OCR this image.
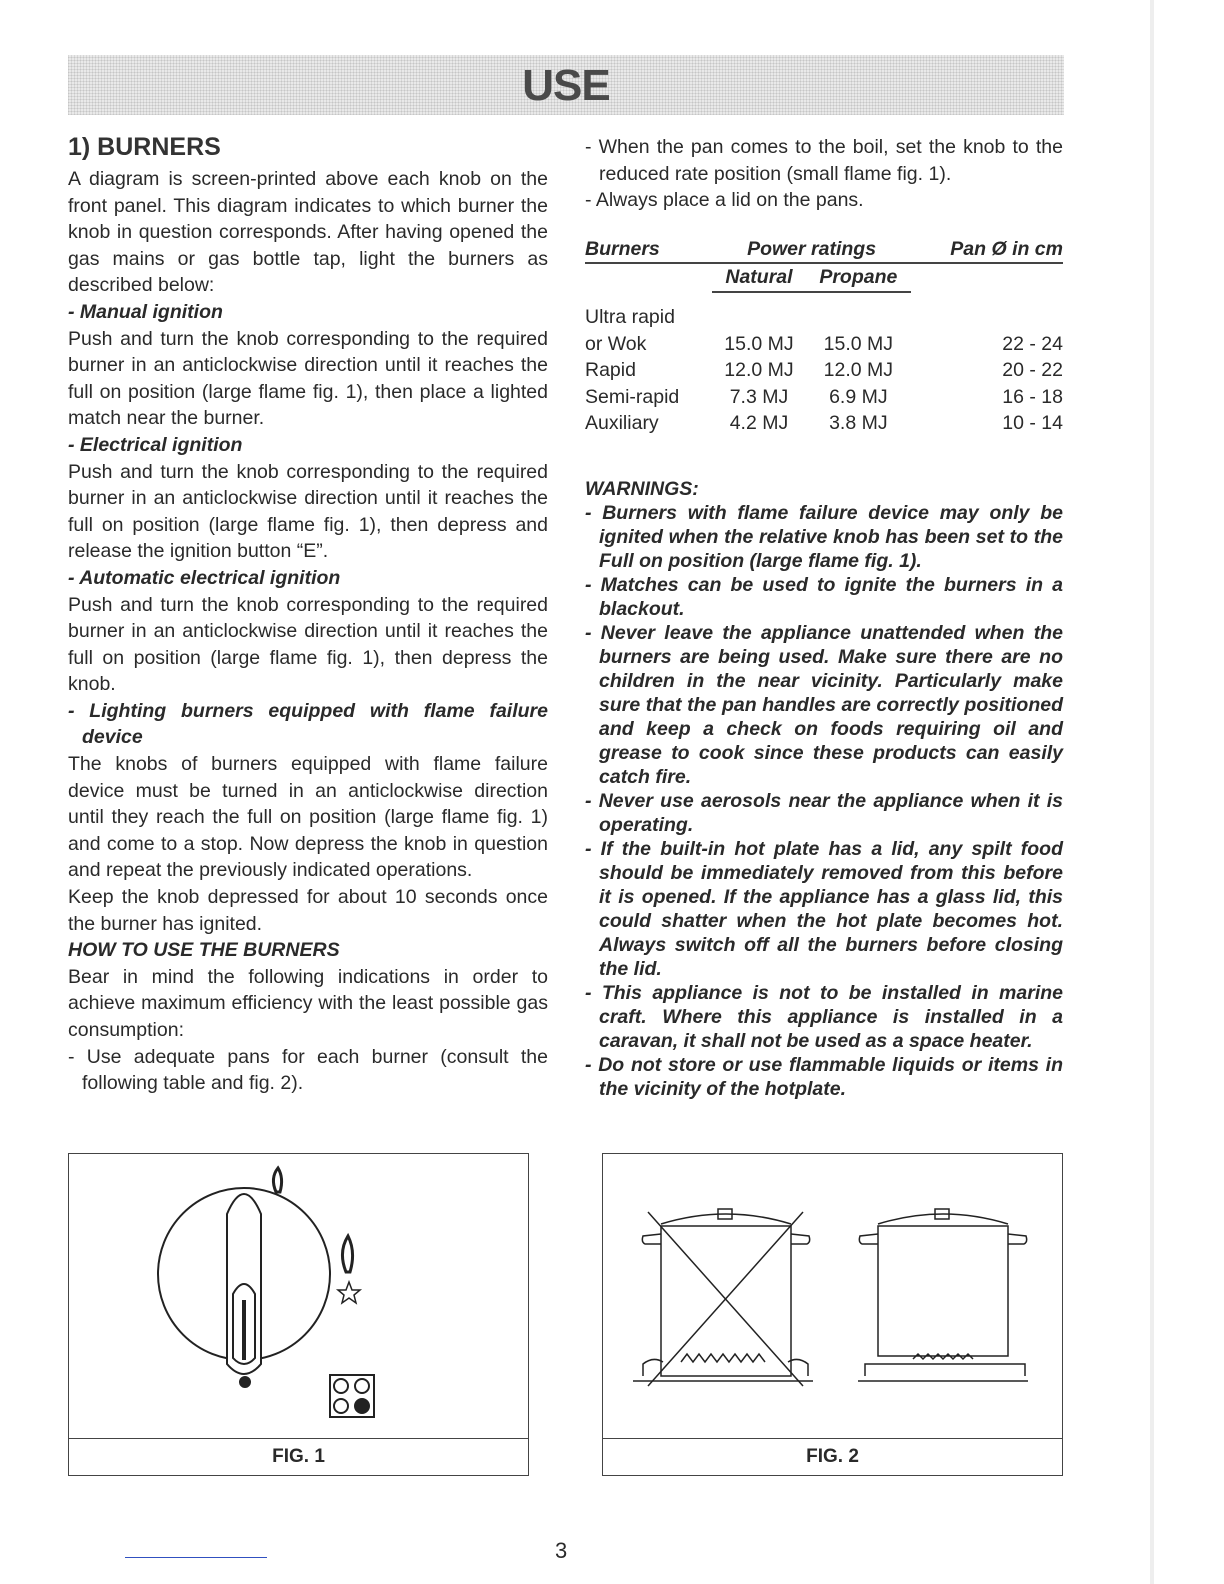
USE
1) BURNERS

A diagram is screen-printed above each knob on the front panel. This diagram indicates to which burner the knob in question corresponds. After having opened the gas mains or gas bottle tap, light the burners as described below:

- Manual ignition

Push and turn the knob corresponding to the required burner in an anticlockwise direction until it reaches the full on position (large flame fig. 1), then place a lighted match near the burner.

- Electrical ignition

Push and turn the knob corresponding to the required burner in an anticlockwise direction until it reaches the full on position (large flame fig. 1), then depress and release the ignition button “E”.

- Automatic electrical ignition

Push and turn the knob corresponding to the required burner in an anticlockwise direction until it reaches the full on position (large flame fig. 1), then depress the knob.

- Lighting burners equipped with flame failure device

The knobs of burners equipped with flame failure device must be turned in an anticlockwise direction until they reach the full on position (large flame fig. 1) and come to a stop. Now depress the knob in question and repeat the previously indicated operations.

Keep the knob depressed for about 10 seconds once the burner has ignited.

HOW TO USE THE BURNERS

Bear in mind the following indications in order to achieve maximum efficiency with the least possible gas consumption:

- Use adequate pans for each burner (consult the following table and fig. 2).

- When the pan comes to the boil, set the knob to the reduced rate position (small flame fig. 1).

- Always place a lid on the pans.

Burners	Power ratings		Pan Ø in cm
	Natural	Propane	

Ultra rapid			
or Wok	15.0 MJ	15.0 MJ	22 - 24
Rapid	12.0 MJ	12.0 MJ	20 - 22
Semi-rapid	7.3 MJ	6.9 MJ	16 - 18
Auxiliary	4.2 MJ	3.8 MJ	10 - 14
WARNINGS:

- Burners with flame failure device may only be ignited when the relative knob has been set to the Full on position (large flame fig. 1).

- Matches can be used to ignite the burners in a blackout.

- Never leave the appliance unattended when the burners are being used. Make sure there are no children in the near vicinity. Particularly make sure that the pan handles are correctly positioned and keep a check on foods requiring oil and grease to cook since these products can easily catch fire.

- Never use aerosols near the appliance when it is operating.

- If the built-in hot plate has a lid, any spilt food should be immediately removed from this before it is opened. If the appliance has a glass lid, this could shatter when the hot plate becomes hot. Always switch off all the burners before closing the lid.

- This appliance is not to be installed in marine craft. Where this appliance is installed in a caravan, it shall not be used as a space heater.

- Do not store or use flammable liquids or items in the vicinity of the hotplate.

FIG. 1	FIG. 2
3
